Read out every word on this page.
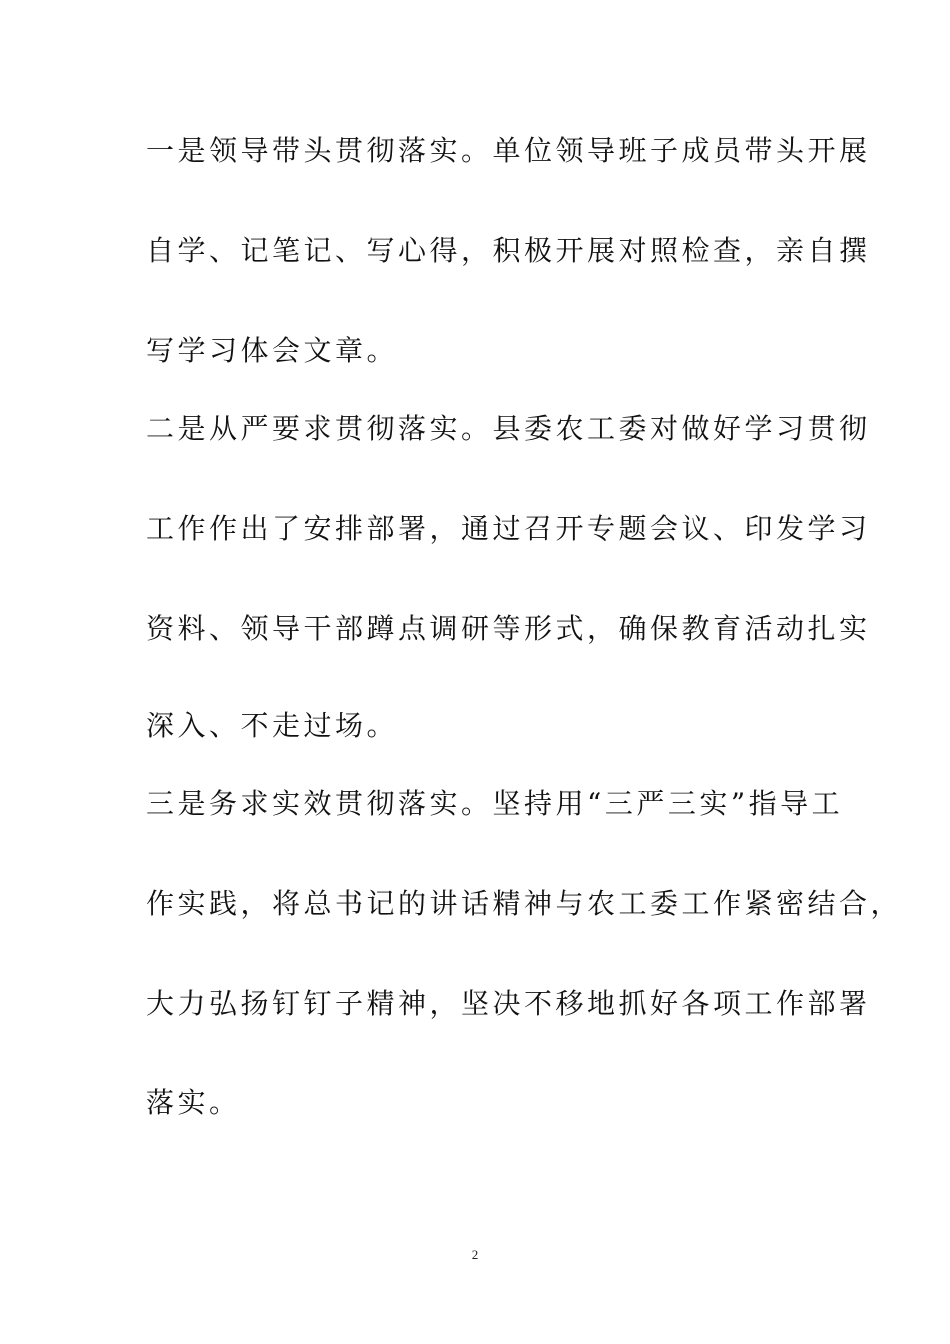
一是领导带头贯彻落实。单位领导班子成员带头开展
自学、记笔记、写心得，积极开展对照检查，亲自撰
写学习体会文章。
二是从严要求贯彻落实。县委农工委对做好学习贯彻
工作作出了安排部署，通过召开专题会议、印发学习
资料、领导干部蹲点调研等形式，确保教育活动扎实
深入、不走过场。
三是务求实效贯彻落实。坚持用“三严三实”指导工
作实践，将总书记的讲话精神与农工委工作紧密结合，
大力弘扬钉钉子精神，坚决不移地抓好各项工作部署
落实。
2
